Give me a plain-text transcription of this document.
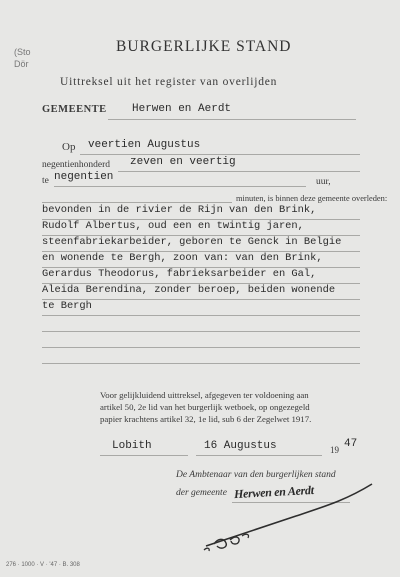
(Sto
Dör
BURGERLIJKE STAND
Uittreksel uit het register van overlijden
GEMEENTE Herwen en Aerdt
Op veertien Augustus
negentienhonderd zeven en veertig
te negentien	uur,
minuten, is binnen deze gemeente overleden:
bevonden in de rivier de Rijn van den Brink,
Rudolf Albertus, oud een en twintig jaren,
steenfabriekarbeider, geboren te Genck in Belgie
en wonende te Bergh, zoon van: van den Brink,
Gerardus Theodorus, fabrieksarbeider en Gal,
Aleida Berendina, zonder beroep, beiden wonende
te Bergh
Voor gelijkluidend uittreksel, afgegeven ter voldoening aan
artikel 50, 2e lid van het burgerlijk wetboek, op ongezegeld
papier krachtens artikel 32, 1e lid, sub 6 der Zegelwet 1917.
Lobith	16 Augustus	19 47
De Ambtenaar van den burgerlijken stand
der gemeente Herwen en Aerdt
276 · 1000 · V · '47 · B. 308
